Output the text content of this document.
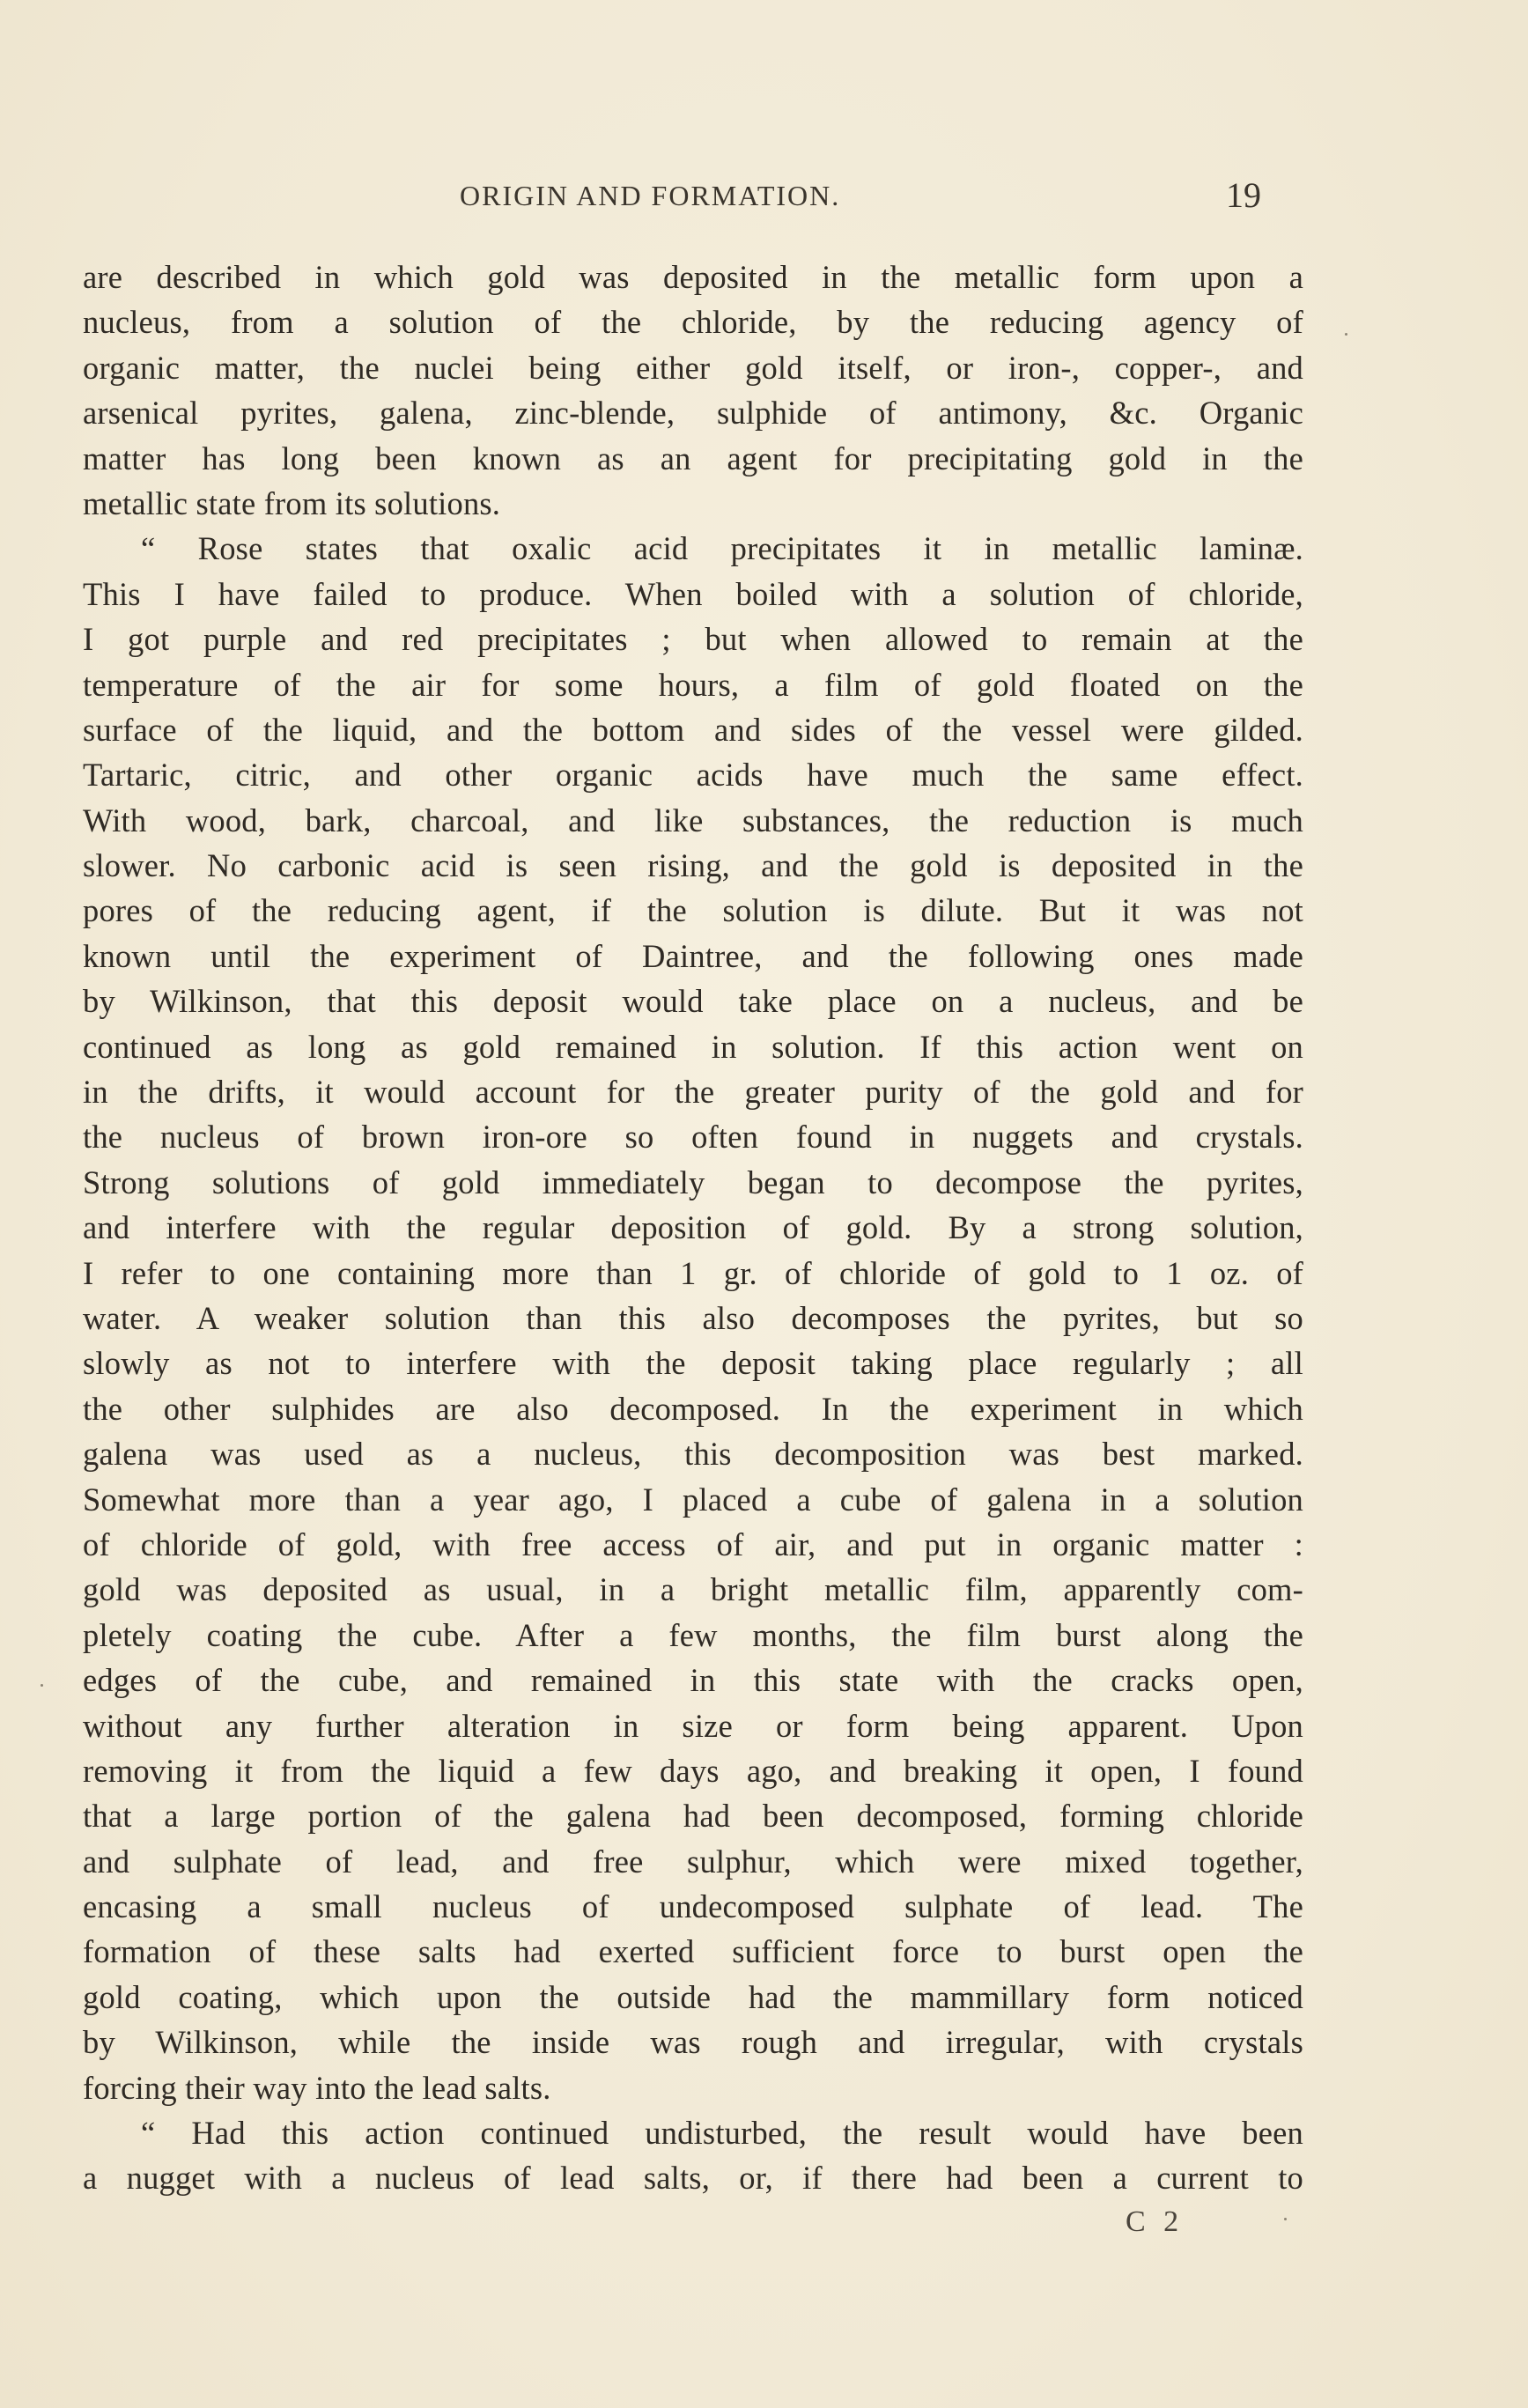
ORIGIN AND FORMATION.	19
are described in which gold was deposited in the metallic form upon a
nucleus, from a solution of the chloride, by the reducing agency of
organic matter, the nuclei being either gold itself, or iron-, copper-, and
arsenical pyrites, galena, zinc-blende, sulphide of antimony, &c. Organic
matter has long been known as an agent for precipitating gold in the
metallic state from its solutions.
“ Rose states that oxalic acid precipitates it in metallic laminæ.
This I have failed to produce. When boiled with a solution of chloride,
I got purple and red precipitates ; but when allowed to remain at the
temperature of the air for some hours, a film of gold floated on the
surface of the liquid, and the bottom and sides of the vessel were gilded.
Tartaric, citric, and other organic acids have much the same effect.
With wood, bark, charcoal, and like substances, the reduction is much
slower. No carbonic acid is seen rising, and the gold is deposited in the
pores of the reducing agent, if the solution is dilute. But it was not
known until the experiment of Daintree, and the following ones made
by Wilkinson, that this deposit would take place on a nucleus, and be
continued as long as gold remained in solution. If this action went on
in the drifts, it would account for the greater purity of the gold and for
the nucleus of brown iron-ore so often found in nuggets and crystals.
Strong solutions of gold immediately began to decompose the pyrites,
and interfere with the regular deposition of gold. By a strong solution,
I refer to one containing more than 1 gr. of chloride of gold to 1 oz. of
water. A weaker solution than this also decomposes the pyrites, but so
slowly as not to interfere with the deposit taking place regularly ; all
the other sulphides are also decomposed. In the experiment in which
galena was used as a nucleus, this decomposition was best marked.
Somewhat more than a year ago, I placed a cube of galena in a solution
of chloride of gold, with free access of air, and put in organic matter :
gold was deposited as usual, in a bright metallic film, apparently com-
pletely coating the cube. After a few months, the film burst along the
edges of the cube, and remained in this state with the cracks open,
without any further alteration in size or form being apparent. Upon
removing it from the liquid a few days ago, and breaking it open, I found
that a large portion of the galena had been decomposed, forming chloride
and sulphate of lead, and free sulphur, which were mixed together,
encasing a small nucleus of undecomposed sulphate of lead. The
formation of these salts had exerted sufficient force to burst open the
gold coating, which upon the outside had the mammillary form noticed
by Wilkinson, while the inside was rough and irregular, with crystals
forcing their way into the lead salts.
“ Had this action continued undisturbed, the result would have been
a nugget with a nucleus of lead salts, or, if there had been a current to
C 2
